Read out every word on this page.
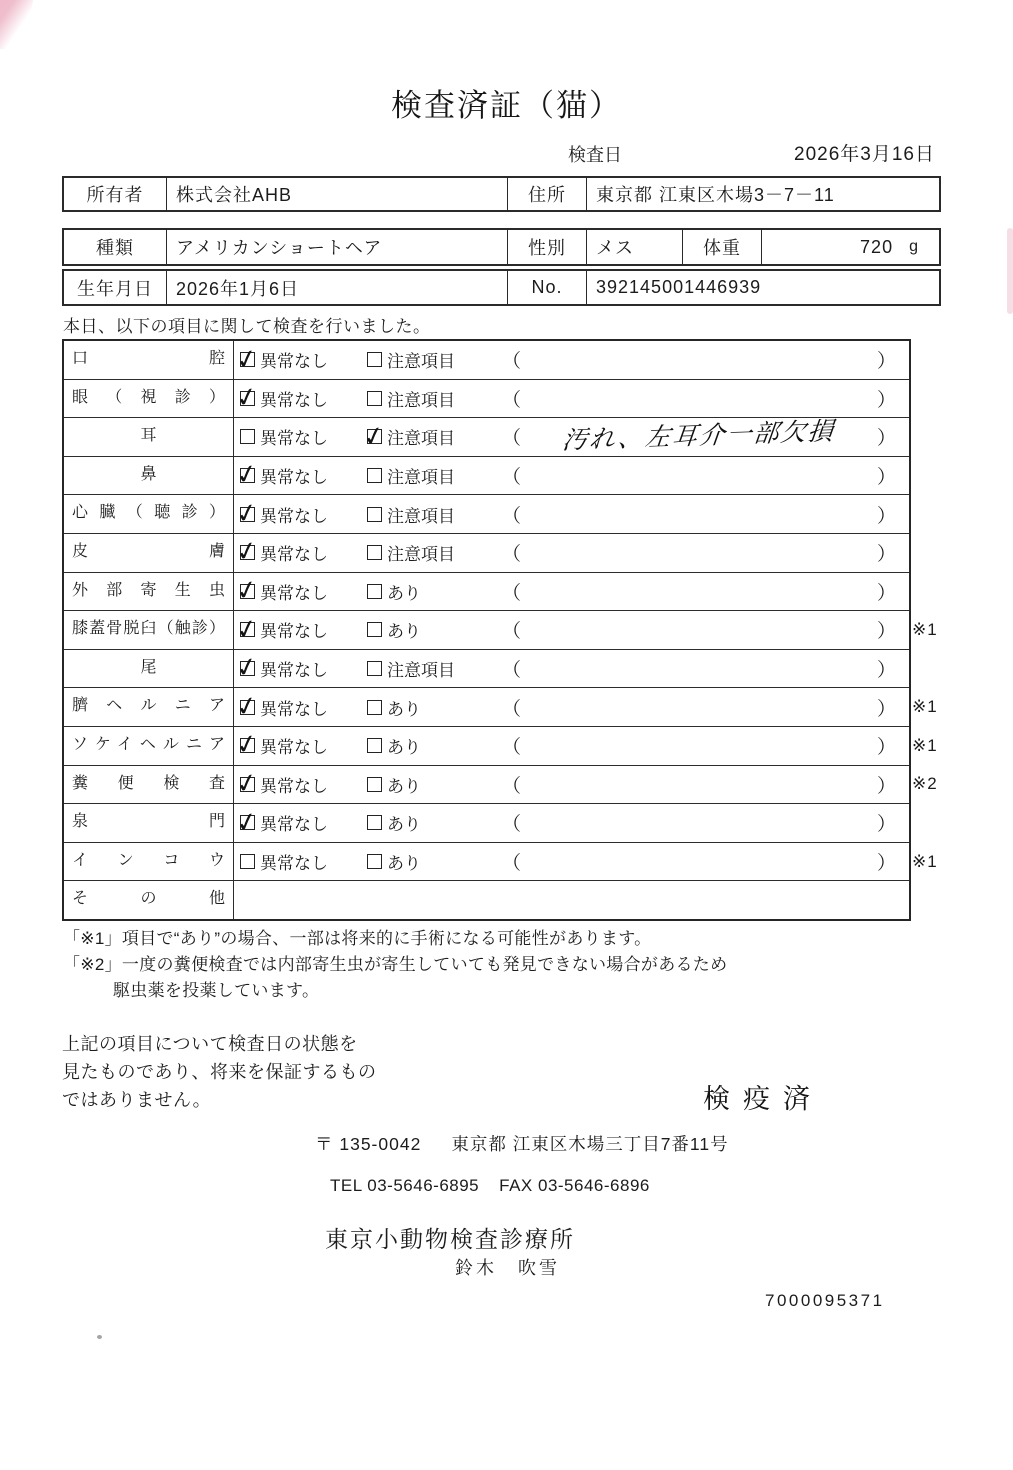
検査済証（猫）
検査日	2026年3月16日
所有者	株式会社AHB	住所	東京都 江東区木場3－7－11
種類	アメリカンショートヘア	性別	メス	体重	720 g
生年月日	2026年1月6日	No.	392145001446939
本日、以下の項目に関して検査を行いました。
口腔 ✓	異常なし	注意項目 （	）
眼（視診） ✓	異常なし	注意項目 （	）
耳	異常なし ✓	注意項目 （ 汚れ、左耳介一部欠損 ）
鼻 ✓	異常なし	注意項目 （	）
心臓（聴診） ✓	異常なし	注意項目 （	）
皮膚 ✓	異常なし	注意項目 （	）
外部寄生虫 ✓	異常なし	あり	（	）
膝蓋骨脱臼（触診） ✓	異常なし	あり	（	） ※1
尾 ✓	異常なし	注意項目 （	）
臍ヘルニア ✓	異常なし	あり	（	） ※1
ソケイヘルニア ✓	異常なし	あり	（	） ※1
糞便検査 ✓	異常なし	あり	（	） ※2
泉門 ✓	異常なし	あり	（	）
インコウ	異常なし	あり	（	） ※1
その他
「※1」項目で“あり”の場合、一部は将来的に手術になる可能性があります。
「※2」一度の糞便検査では内部寄生虫が寄生していても発見できない場合があるため
駆虫薬を投薬しています。
上記の項目について検査日の状態を
見たものであり、将来を保証するもの
ではありません。	検疫済
〒 135-0042 東京都 江東区木場三丁目7番11号
TEL 03-5646-6895 FAX 03-5646-6896
東京小動物検査診療所
鈴木　吹雪
7000095371
